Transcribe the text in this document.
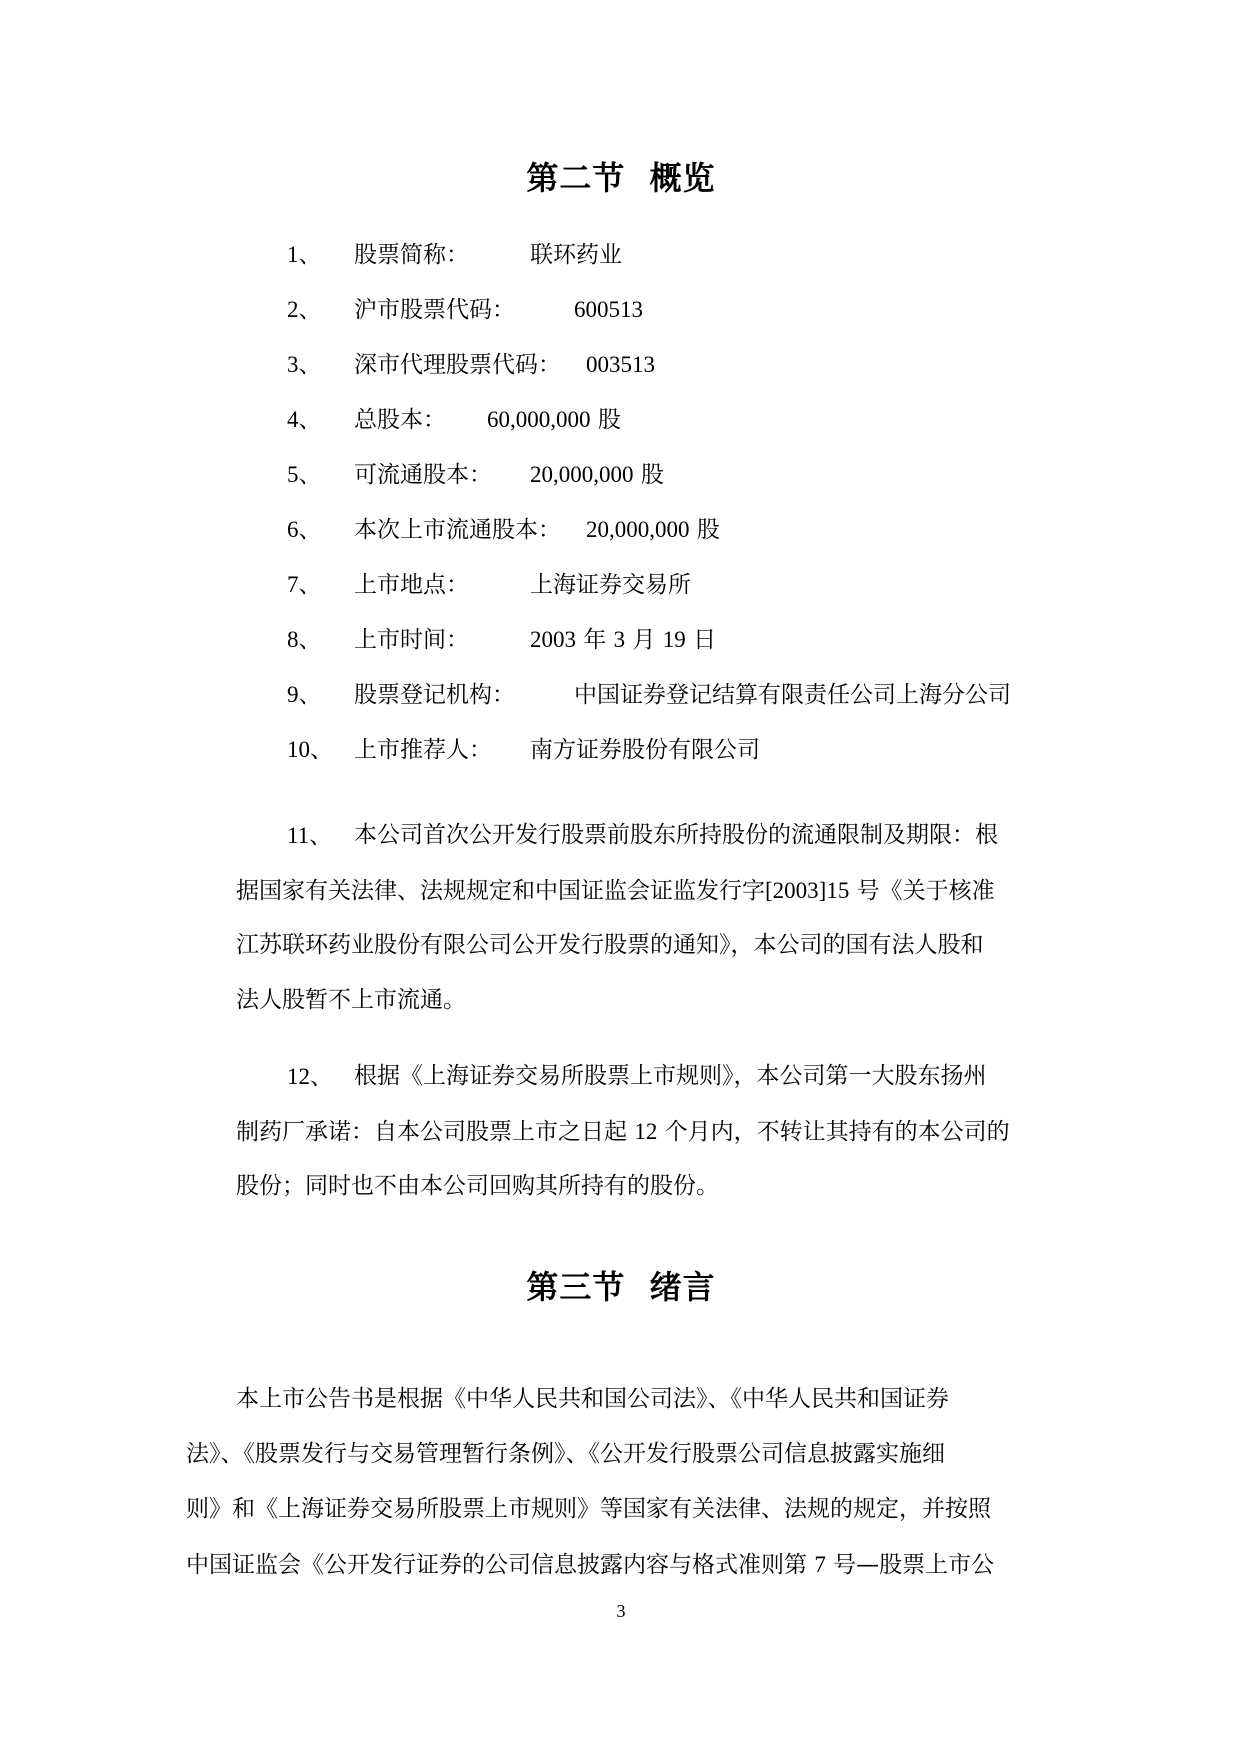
第二节  概览
1、 股票简称：	联环药业
2、 沪市股票代码：	600513
3、 深市代理股票代码： 003513
4、 总股本： 60,000,000 股
5、 可流通股本： 20,000,000 股
6、 本次上市流通股本： 20,000,000 股
7、 上市地点：	上海证券交易所
8、 上市时间：	2003 年 3 月 19 日
9、 股票登记机构：	中国证券登记结算有限责任公司上海分公司
10、 上市推荐人： 南方证券股份有限公司
11、 本公司首次公开发行股票前股东所持股份的流通限制及期限：根
据国家有关法律、法规规定和中国证监会证监发行字[2003]15 号《关于核准
江苏联环药业股份有限公司公开发行股票的通知》，本公司的国有法人股和
法人股暂不上市流通。
12、 根据《上海证券交易所股票上市规则》，本公司第一大股东扬州
制药厂承诺：自本公司股票上市之日起 12 个月内，不转让其持有的本公司的
股份；同时也不由本公司回购其所持有的股份。
第三节  绪言
本上市公告书是根据《中华人民共和国公司法》、《中华人民共和国证券
法》、《股票发行与交易管理暂行条例》、《公开发行股票公司信息披露实施细
则》和《上海证券交易所股票上市规则》等国家有关法律、法规的规定，并按照
中国证监会《公开发行证券的公司信息披露内容与格式准则第 7 号—股票上市公
3
